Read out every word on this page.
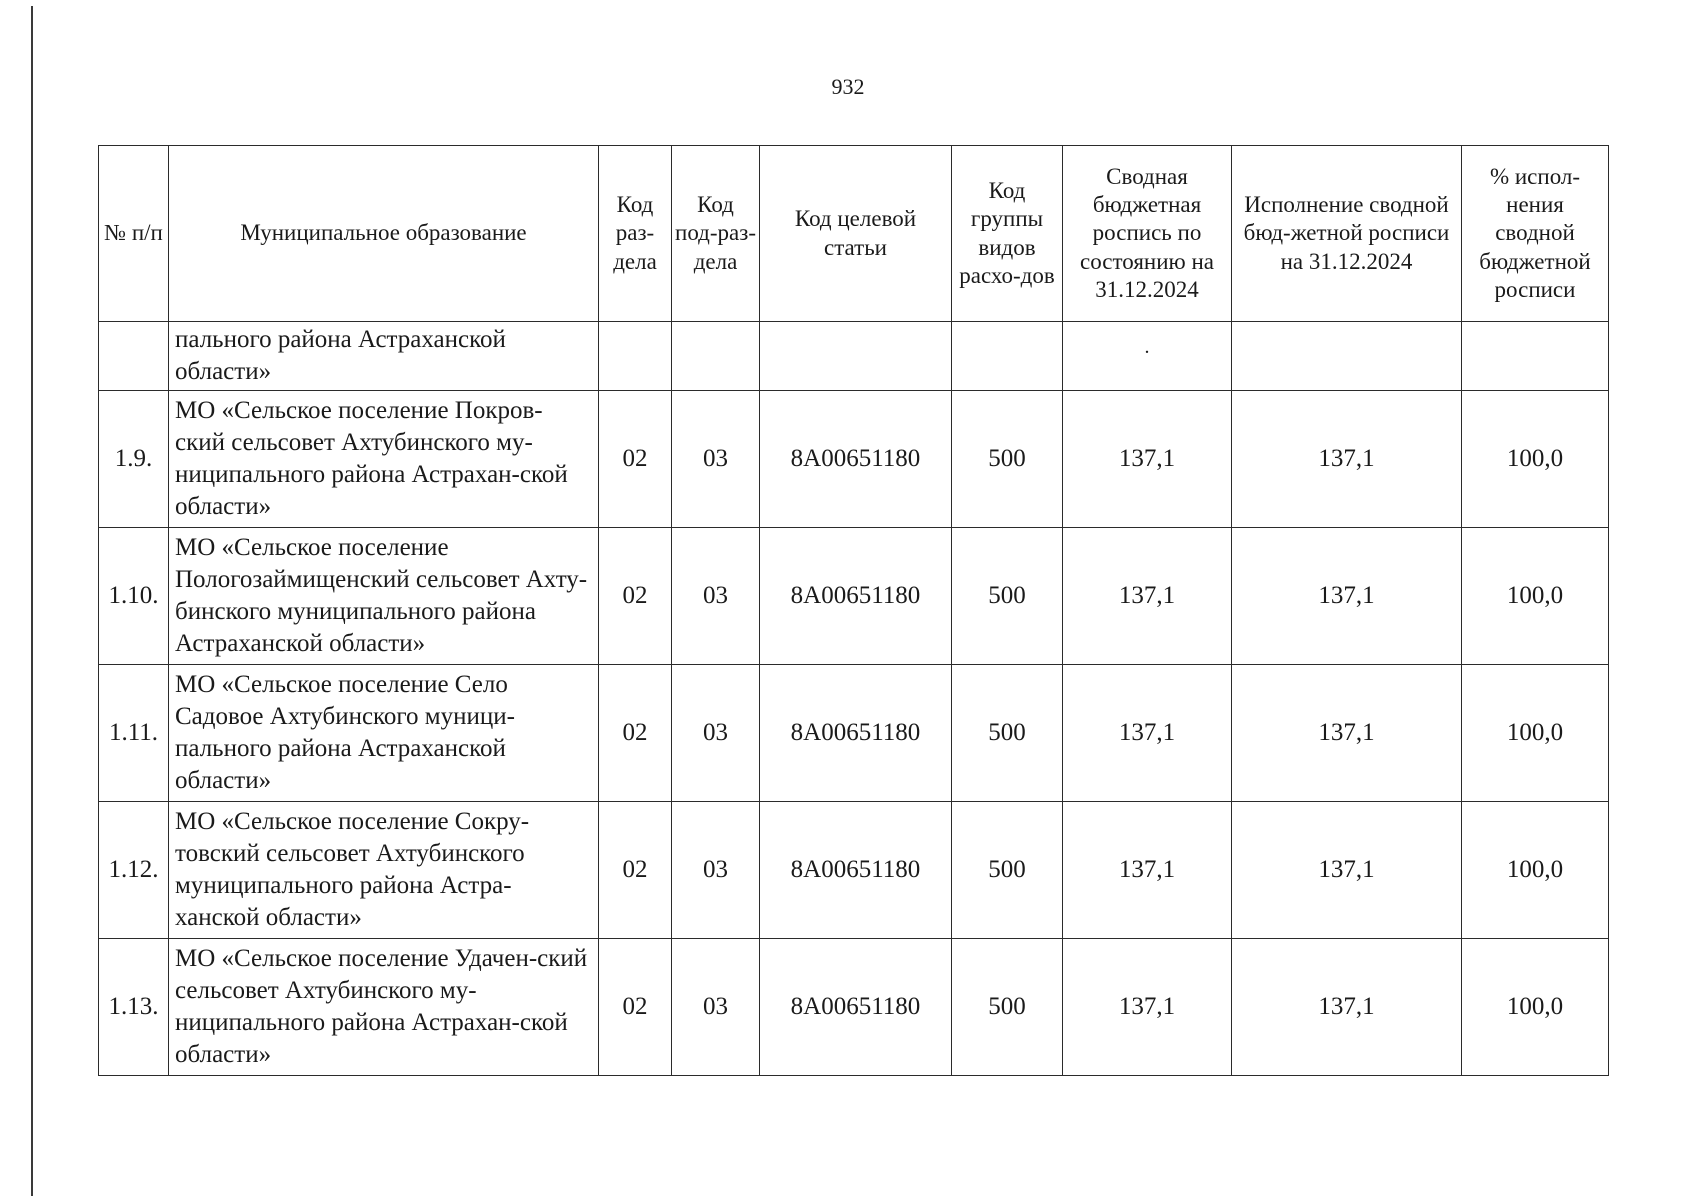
932
№ п/п	Муниципальное образование	Код раз-дела	Код под-раз-дела	Код целевой статьи	Код группы видов расхо-дов	Сводная бюджетная роспись по состоянию на 31.12.2024	Исполнение сводной бюд-жетной росписи на 31.12.2024	% испол-нения сводной бюджетной росписи
	пального района Астраханской области»					.		
1.9.	МО «Сельское поселение Покров-ский сельсовет Ахтубинского му-ниципального района Астрахан-ской области»	02	03	8А00651180	500	137,1	137,1	100,0
1.10.	МО «Сельское поселение Пологозаймищенский сельсовет Ахту-бинского муниципального района Астраханской области»	02	03	8А00651180	500	137,1	137,1	100,0
1.11.	МО «Сельское поселение Село Садовое Ахтубинского муници-пального района Астраханской области»	02	03	8А00651180	500	137,1	137,1	100,0
1.12.	МО «Сельское поселение Сокру-товский сельсовет Ахтубинского муниципального района Астра-ханской области»	02	03	8А00651180	500	137,1	137,1	100,0
1.13.	МО «Сельское поселение Удачен-ский сельсовет Ахтубинского му-ниципального района Астрахан-ской области»	02	03	8А00651180	500	137,1	137,1	100,0
